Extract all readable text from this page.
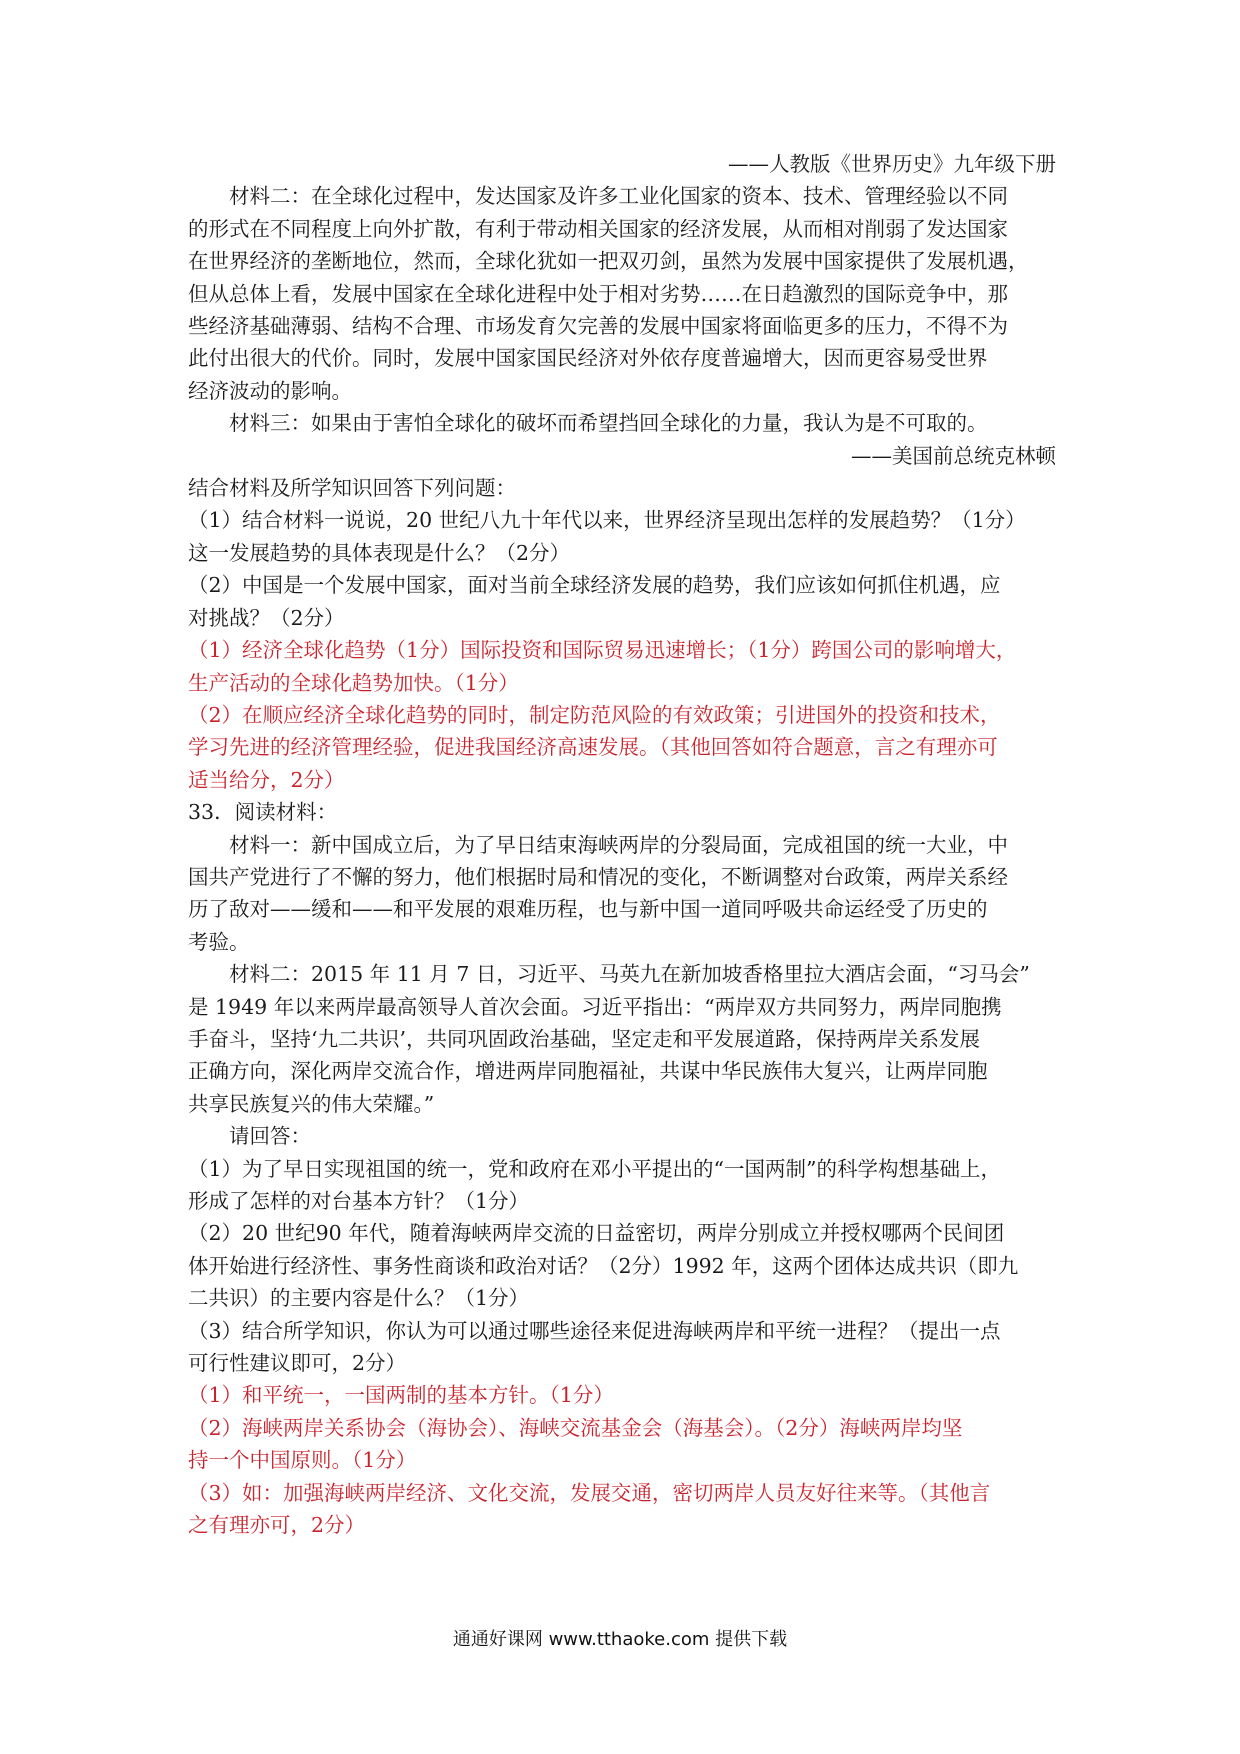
——人教版《世界历史》九年级下册
材料二：在全球化过程中，发达国家及许多工业化国家的资本、技术、管理经验以不同
的形式在不同程度上向外扩散，有利于带动相关国家的经济发展，从而相对削弱了发达国家
在世界经济的垄断地位，然而，全球化犹如一把双刃剑，虽然为发展中国家提供了发展机遇，
但从总体上看，发展中国家在全球化进程中处于相对劣势……在日趋激烈的国际竞争中，那
些经济基础薄弱、结构不合理、市场发育欠完善的发展中国家将面临更多的压力，不得不为
此付出很大的代价。同时，发展中国家国民经济对外依存度普遍增大，因而更容易受世界
经济波动的影响。
材料三：如果由于害怕全球化的破坏而希望挡回全球化的力量，我认为是不可取的。
——美国前总统克林顿
结合材料及所学知识回答下列问题：
（1）结合材料一说说，20 世纪八九十年代以来，世界经济呈现出怎样的发展趋势？（1分）
这一发展趋势的具体表现是什么？（2分）
（2）中国是一个发展中国家，面对当前全球经济发展的趋势，我们应该如何抓住机遇，应
对挑战？（2分）
（1）经济全球化趋势（1分）国际投资和国际贸易迅速增长；（1分）跨国公司的影响增大，
生产活动的全球化趋势加快。（1分）
（2）在顺应经济全球化趋势的同时，制定防范风险的有效政策；引进国外的投资和技术，
学习先进的经济管理经验，促进我国经济高速发展。（其他回答如符合题意，言之有理亦可
适当给分，2分）
33．阅读材料：
材料一：新中国成立后，为了早日结束海峡两岸的分裂局面，完成祖国的统一大业，中
国共产党进行了不懈的努力，他们根据时局和情况的变化，不断调整对台政策，两岸关系经
历了敌对——缓和——和平发展的艰难历程，也与新中国一道同呼吸共命运经受了历史的
考验。
材料二：2015 年 11 月 7 日，习近平、马英九在新加坡香格里拉大酒店会面，“习马会”
是 1949 年以来两岸最高领导人首次会面。习近平指出：“两岸双方共同努力，两岸同胞携
手奋斗，坚持‘九二共识’，共同巩固政治基础，坚定走和平发展道路，保持两岸关系发展
正确方向，深化两岸交流合作，增进两岸同胞福祉，共谋中华民族伟大复兴，让两岸同胞
共享民族复兴的伟大荣耀。”
请回答：
（1）为了早日实现祖国的统一，党和政府在邓小平提出的“一国两制”的科学构想基础上，
形成了怎样的对台基本方针？（1分）
（2）20 世纪90 年代，随着海峡两岸交流的日益密切，两岸分别成立并授权哪两个民间团
体开始进行经济性、事务性商谈和政治对话？（2分）1992 年，这两个团体达成共识（即九
二共识）的主要内容是什么？（1分）
（3）结合所学知识，你认为可以通过哪些途径来促进海峡两岸和平统一进程？（提出一点
可行性建议即可，2分）
（1）和平统一，一国两制的基本方针。（1分）
（2）海峡两岸关系协会（海协会）、海峡交流基金会（海基会）。（2分）海峡两岸均坚
持一个中国原则。（1分）
（3）如：加强海峡两岸经济、文化交流，发展交通，密切两岸人员友好往来等。（其他言
之有理亦可，2分）
通通好课网 www.tthaoke.com 提供下载
